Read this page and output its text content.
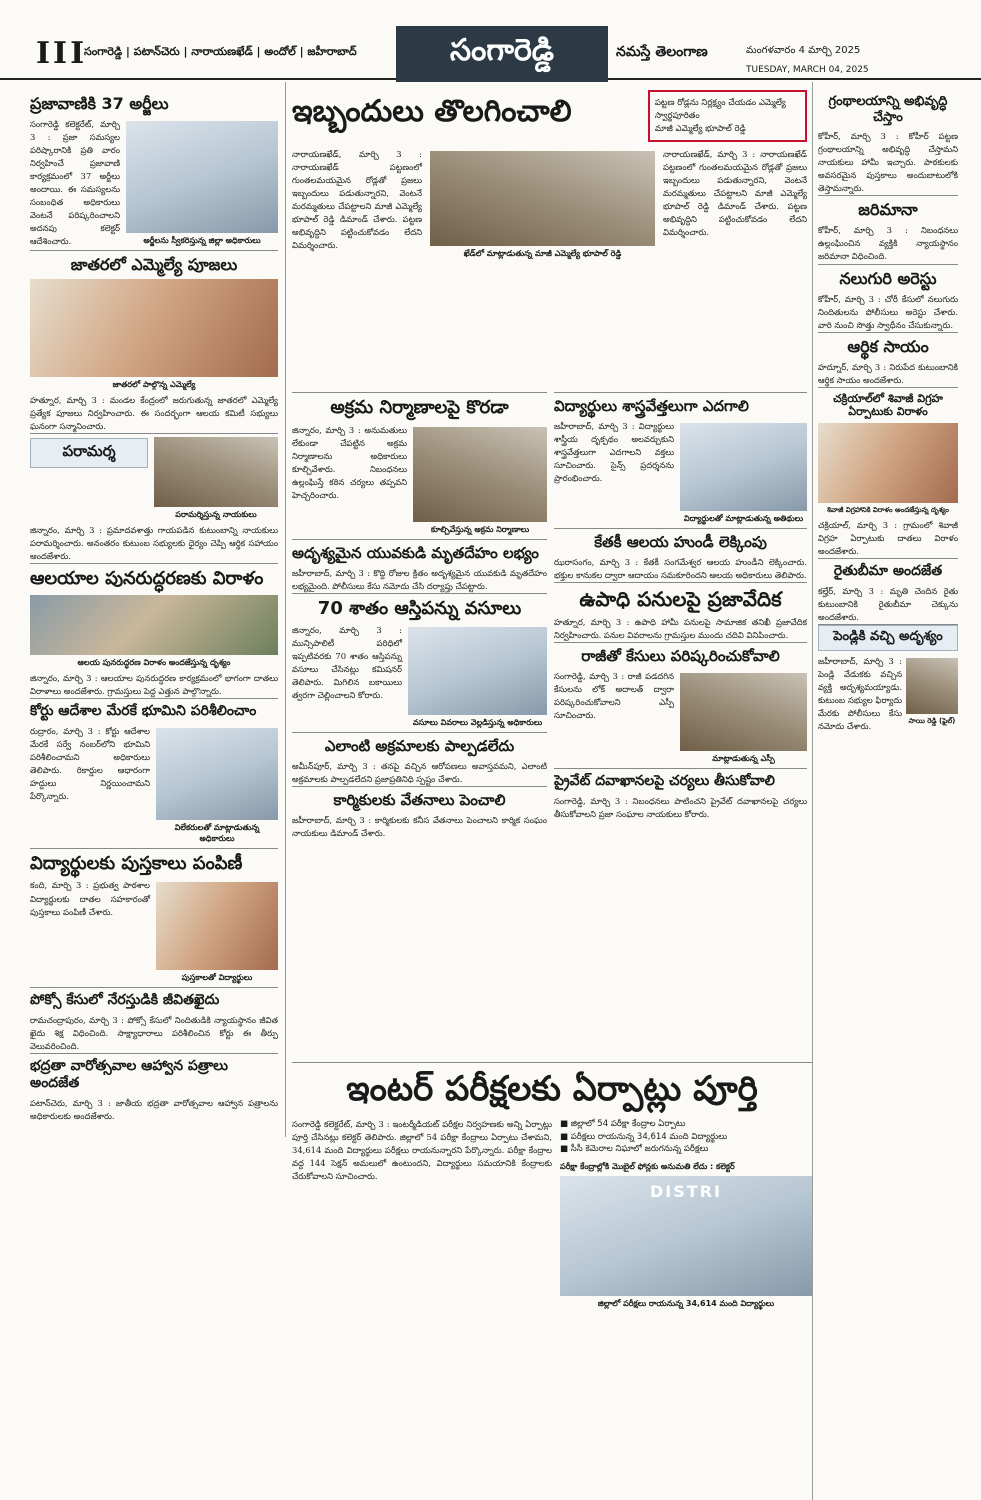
III
సంగారెడ్డి | పటాన్‌చెరు | నారాయణఖేడ్ | అందోల్ | జహీరాబాద్	సంగారెడ్డి	నమస్తే తెలంగాణ	మంగళవారం 4 మార్చి 2025
TUESDAY, MARCH 04, 2025
ప్రజావాణికి 37 అర్జీలు
సంగారెడ్డి కలెక్టరేట్, మార్చి 3 : ప్రజా సమస్యల పరిష్కారానికి ప్రతి వారం నిర్వహించే ప్రజావాణి కార్యక్రమంలో 37 అర్జీలు అందాయి. ఈ సమస్యలను సంబంధిత అధికారులు వెంటనే పరిష్కరించాలని అదనపు కలెక్టర్ ఆదేశించారు.	అర్జీలను స్వీకరిస్తున్న జిల్లా అధికారులు
జాతరలో ఎమ్మెల్యే పూజలు
జాతరలో పాల్గొన్న ఎమ్మెల్యే
హత్నూర, మార్చి 3 : మండల కేంద్రంలో జరుగుతున్న జాతరలో ఎమ్మెల్యే ప్రత్యేక పూజలు నిర్వహించారు. ఈ సందర్భంగా ఆలయ కమిటీ సభ్యులు ఘనంగా సన్మానించారు.
పరామర్శ
పరామర్శిస్తున్న నాయకులు
జిన్నారం, మార్చి 3 : ప్రమాదవశాత్తు గాయపడిన కుటుంబాన్ని నాయకులు పరామర్శించారు. అనంతరం కుటుంబ సభ్యులకు ధైర్యం చెప్పి ఆర్థిక సహాయం అందజేశారు.
ఆలయాల పునరుద్ధరణకు విరాళం
ఆలయ పునరుద్ధరణ విరాళం అందజేస్తున్న దృశ్యం
జిన్నారం, మార్చి 3 : ఆలయాల పునరుద్ధరణ కార్యక్రమంలో భాగంగా దాతలు విరాళాలు అందజేశారు. గ్రామస్తులు పెద్ద ఎత్తున పాల్గొన్నారు.
కోర్టు ఆదేశాల మేరకే భూమిని పరిశీలించాం
రుద్రారం, మార్చి 3 : కోర్టు ఆదేశాల మేరకే సర్వే నంబర్‌లోని భూమిని పరిశీలించామని అధికారులు తెలిపారు. రికార్డుల ఆధారంగా హద్దులు నిర్ణయించామని పేర్కొన్నారు.
విలేకరులతో మాట్లాడుతున్న అధికారులు
విద్యార్థులకు పుస్తకాలు పంపిణీ
కంది, మార్చి 3 : ప్రభుత్వ పాఠశాల విద్యార్థులకు దాతల సహకారంతో పుస్తకాలు పంపిణీ చేశారు.
పుస్తకాలతో విద్యార్థులు
పోక్సో కేసులో నేరస్తుడికి జీవితఖైదు
రామచంద్రాపురం, మార్చి 3 : పోక్సో కేసులో నిందితుడికి న్యాయస్థానం జీవిత ఖైదు శిక్ష విధించింది. సాక్ష్యాధారాలు పరిశీలించిన కోర్టు ఈ తీర్పు వెలువరించింది.
భద్రతా వారోత్సవాల ఆహ్వాన పత్రాలు అందజేత
పటాన్‌చెరు, మార్చి 3 : జాతీయ భద్రతా వారోత్సవాల ఆహ్వాన పత్రాలను అధికారులకు అందజేశారు.
ఇబ్బందులు తొలగించాలి	పట్టణ రోడ్లను నిర్లక్ష్యం చేయడం ఎమ్మెల్యే స్వార్థపూరితం
మాజీ ఎమ్మెల్యే భూపాల్ రెడ్డి
నారాయణఖేడ్, మార్చి 3 : నారాయణఖేడ్ పట్టణంలో గుంతలమయమైన రోడ్లతో ప్రజలు ఇబ్బందులు పడుతున్నారని, వెంటనే మరమ్మతులు చేపట్టాలని మాజీ ఎమ్మెల్యే భూపాల్ రెడ్డి డిమాండ్ చేశారు. పట్టణ అభివృద్ధిని పట్టించుకోవడం లేదని విమర్శించారు.
ఖేడ్‌లో మాట్లాడుతున్న మాజీ ఎమ్మెల్యే భూపాల్ రెడ్డి
నారాయణఖేడ్, మార్చి 3 : నారాయణఖేడ్ పట్టణంలో గుంతలమయమైన రోడ్లతో ప్రజలు ఇబ్బందులు పడుతున్నారని, వెంటనే మరమ్మతులు చేపట్టాలని మాజీ ఎమ్మెల్యే భూపాల్ రెడ్డి డిమాండ్ చేశారు. పట్టణ అభివృద్ధిని పట్టించుకోవడం లేదని విమర్శించారు.
అక్రమ నిర్మాణాలపై కొరడా
జిన్నారం, మార్చి 3 : అనుమతులు లేకుండా చేపట్టిన అక్రమ నిర్మాణాలను అధికారులు కూల్చివేశారు. నిబంధనలు ఉల్లంఘిస్తే కఠిన చర్యలు తప్పవని హెచ్చరించారు.
కూల్చివేస్తున్న అక్రమ నిర్మాణాలు
అదృశ్యమైన యువకుడి మృతదేహం లభ్యం
జహీరాబాద్, మార్చి 3 : కొద్ది రోజుల క్రితం అదృశ్యమైన యువకుడి మృతదేహం లభ్యమైంది. పోలీసులు కేసు నమోదు చేసి దర్యాప్తు చేపట్టారు.
70 శాతం ఆస్తిపన్ను వసూలు
జిన్నారం, మార్చి 3 : మున్సిపాలిటీ పరిధిలో ఇప్పటివరకు 70 శాతం ఆస్తిపన్ను వసూలు చేసినట్లు కమిషనర్ తెలిపారు. మిగిలిన బకాయిలు త్వరగా చెల్లించాలని కోరారు.
వసూలు వివరాలు వెల్లడిస్తున్న అధికారులు
ఎలాంటి అక్రమాలకు పాల్పడలేదు
అమీన్‌పూర్, మార్చి 3 : తనపై వచ్చిన ఆరోపణలు అవాస్తవమని, ఎలాంటి అక్రమాలకు పాల్పడలేదని ప్రజాప్రతినిధి స్పష్టం చేశారు.
కార్మికులకు వేతనాలు పెంచాలి
జహీరాబాద్, మార్చి 3 : కార్మికులకు కనీస వేతనాలు పెంచాలని కార్మిక సంఘం నాయకులు డిమాండ్ చేశారు.
విద్యార్థులు శాస్త్రవేత్తలుగా ఎదగాలి
జహీరాబాద్, మార్చి 3 : విద్యార్థులు శాస్త్రీయ దృక్పథం అలవర్చుకుని శాస్త్రవేత్తలుగా ఎదగాలని వక్తలు సూచించారు. సైన్స్ ప్రదర్శనను ప్రారంభించారు.
విద్యార్థులతో మాట్లాడుతున్న అతిథులు
కేతకీ ఆలయ హుండీ లెక్కింపు
ఝరాసంగం, మార్చి 3 : కేతకీ సంగమేశ్వర ఆలయ హుండీని లెక్కించారు. భక్తుల కానుకల ద్వారా ఆదాయం సమకూరిందని ఆలయ అధికారులు తెలిపారు.
ఉపాధి పనులపై ప్రజావేదిక
హత్నూర, మార్చి 3 : ఉపాధి హామీ పనులపై సామాజిక తనిఖీ ప్రజావేదిక నిర్వహించారు. పనుల వివరాలను గ్రామస్తుల ముందు చదివి వినిపించారు.
రాజీతో కేసులు పరిష్కరించుకోవాలి
సంగారెడ్డి, మార్చి 3 : రాజీ పడదగిన కేసులను లోక్ అదాలత్ ద్వారా పరిష్కరించుకోవాలని ఎస్పీ సూచించారు.
మాట్లాడుతున్న ఎస్పీ
ప్రైవేట్ దవాఖానలపై చర్యలు తీసుకోవాలి
సంగారెడ్డి, మార్చి 3 : నిబంధనలు పాటించని ప్రైవేట్ దవాఖానలపై చర్యలు తీసుకోవాలని ప్రజా సంఘాల నాయకులు కోరారు.
గ్రంథాలయాన్ని అభివృద్ధి చేస్తాం
కోహీర్, మార్చి 3 : కోహీర్ పట్టణ గ్రంథాలయాన్ని అభివృద్ధి చేస్తామని నాయకులు హామీ ఇచ్చారు. పాఠకులకు అవసరమైన పుస్తకాలు అందుబాటులోకి తెస్తామన్నారు.
జరిమానా
కోహీర్, మార్చి 3 : నిబంధనలు ఉల్లంఘించిన వ్యక్తికి న్యాయస్థానం జరిమానా విధించింది.
నలుగురి అరెస్టు
కోహీర్, మార్చి 3 : చోరీ కేసులో నలుగురు నిందితులను పోలీసులు అరెస్టు చేశారు. వారి నుంచి సొత్తు స్వాధీనం చేసుకున్నారు.
ఆర్థిక సాయం
హద్నూర్, మార్చి 3 : నిరుపేద కుటుంబానికి ఆర్థిక సాయం అందజేశారు.
చక్రియాల్‌లో శివాజీ విగ్రహ ఏర్పాటుకు విరాళం
శివాజీ విగ్రహానికి విరాళం అందజేస్తున్న దృశ్యం
చక్రియాల్, మార్చి 3 : గ్రామంలో శివాజీ విగ్రహ ఏర్పాటుకు దాతలు విరాళం అందజేశారు.
రైతుబీమా అందజేత
కల్హేర్, మార్చి 3 : మృతి చెందిన రైతు కుటుంబానికి రైతుబీమా చెక్కును అందజేశారు.
పెండ్లికి వచ్చి అదృశ్యం
జహీరాబాద్, మార్చి 3 : పెండ్లి వేడుకకు వచ్చిన వ్యక్తి అదృశ్యమయ్యాడు. కుటుంబ సభ్యుల ఫిర్యాదు మేరకు పోలీసులు కేసు నమోదు చేశారు.
సాయి రెడ్డి (ఫైల్)
ఇంటర్ పరీక్షలకు ఏర్పాట్లు పూర్తి
సంగారెడ్డి కలెక్టరేట్, మార్చి 3 : ఇంటర్మీడియట్ పరీక్షల నిర్వహణకు అన్ని ఏర్పాట్లు పూర్తి చేసినట్లు కలెక్టర్ తెలిపారు. జిల్లాలో 54 పరీక్షా కేంద్రాలు ఏర్పాటు చేశామని, 34,614 మంది విద్యార్థులు పరీక్షలు రాయనున్నారని పేర్కొన్నారు. పరీక్షా కేంద్రాల వద్ద 144 సెక్షన్ అమలులో ఉంటుందని, విద్యార్థులు సమయానికి కేంద్రాలకు చేరుకోవాలని సూచించారు.
■ జిల్లాలో 54 పరీక్షా కేంద్రాల ఏర్పాటు
■ పరీక్షలు రాయనున్న 34,614 మంది విద్యార్థులు
■ సీసీ కెమెరాల నిఘాలో జరుగనున్న పరీక్షలు
పరీక్షా కేంద్రాల్లోకి మొబైల్ ఫోన్లకు అనుమతి లేదు : కలెక్టర్
DISTRI
జిల్లాలో పరీక్షలు రాయనున్న 34,614 మంది విద్యార్థులు
